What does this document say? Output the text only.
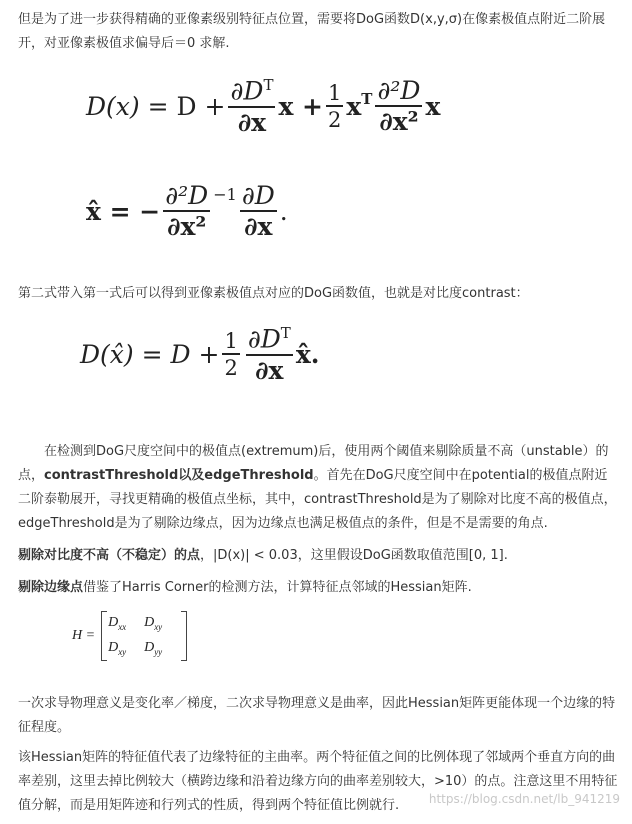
但是为了进一步获得精确的亚像素级别特征点位置，需要将DoG函数D(x,y,σ)在像素极值点附近二阶展开，对亚像素极值求偏导后＝0 求解.

D(x)
= $D + \frac{\partial D^T}{\partial x}$ $x + \frac{1}{2} x^T \frac{\text{∂²D}}{\text{∂x²}}$ x
x̂ = − $\frac{\text{∂²D}}{\text{∂x²}}^{-1} \frac{\partial D}{\partial x}$ .

第二式带入第一式后可以得到亚像素极值点对应的DoG函数值，也就是对比度contrast：

D(x̂) = $D + \frac{1}{2} \frac{\partial D^T}{\partial x}$ x̂.

在检测到DoG尺度空间中的极值点(extremum)后，使用两个阈值来剔除质量不高（unstable）的点，contrastThreshold以及edgeThreshold。首先在DoG尺度空间中在potential的极值点附近二阶泰勒展开，寻找更精确的极值点坐标，其中，contrastThreshold是为了剔除对比度不高的极值点，edgeThreshold是为了剔除边缘点，因为边缘点也满足极值点的条件，但是不是需要的角点.

剔除对比度不高（不稳定）的点，|D(x)| < 0.03，这里假设DoG函数取值范围[0, 1].

剔除边缘点借鉴了Harris Corner的检测方法，计算特征点邻域的Hessian矩阵.

H =
$D_{xx}$	$D_{xy}$
$D_{xy}$	$D_{yy}$

一次求导物理意义是变化率／梯度，二次求导物理意义是曲率，因此Hessian矩阵更能体现一个边缘的特征程度。

该Hessian矩阵的特征值代表了边缘特征的主曲率。两个特征值之间的比例体现了邻域两个垂直方向的曲率差别，这里去掉比例较大（横跨边缘和沿着边缘方向的曲率差别较大，>10）的点。注意这里不用特征值分解，而是用矩阵迹和行列式的性质，得到两个特征值比例就行.	https://blog.csdn.net/lb_941219
